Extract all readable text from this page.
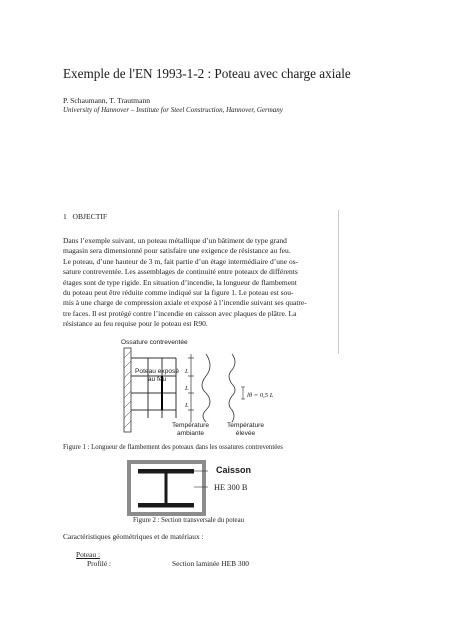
Exemple de l'EN 1993-1-2 : Poteau avec charge axiale
P. Schaumann, T. Trautmann
University of Hannover – Institute for Steel Construction, Hannover, Germany
1 OBJECTIF
Dans l’exemple suivant, un poteau métallique d’un bâtiment de type grand
magasin sera dimensionné pour satisfaire une exigence de résistance au feu.
Le poteau, d’une hauteur de 3 m, fait partie d’un étage intermédiaire d’une os-
sature contreventée. Les assemblages de continuité entre poteaux de différents
étages sont de type rigide. En situation d’incendie, la longueur de flambement
du poteau peut être réduite comme indiqué sur la figure 1. Le poteau est sou-
mis à une charge de compression axiale et exposé à l’incendie suivant ses quatre-
tre faces. Il est protégé contre l’incendie en caisson avec plaques de plâtre. La
résistance au feu requise pour le poteau est R90.
Ossature contreventée
Poteau exposé
au feu
L
L
L
lθ = 0,5 L
Température
ambiante
Température
élevée
Figure 1 : Longueur de flambement des poteaux dans les ossatures contreventées
Caisson
HE 300 B
Figure 2 : Section transversale du poteau
Caractéristiques géométriques et de matériaux :
Poteau :
Profilé :	Section laminée HEB 300
